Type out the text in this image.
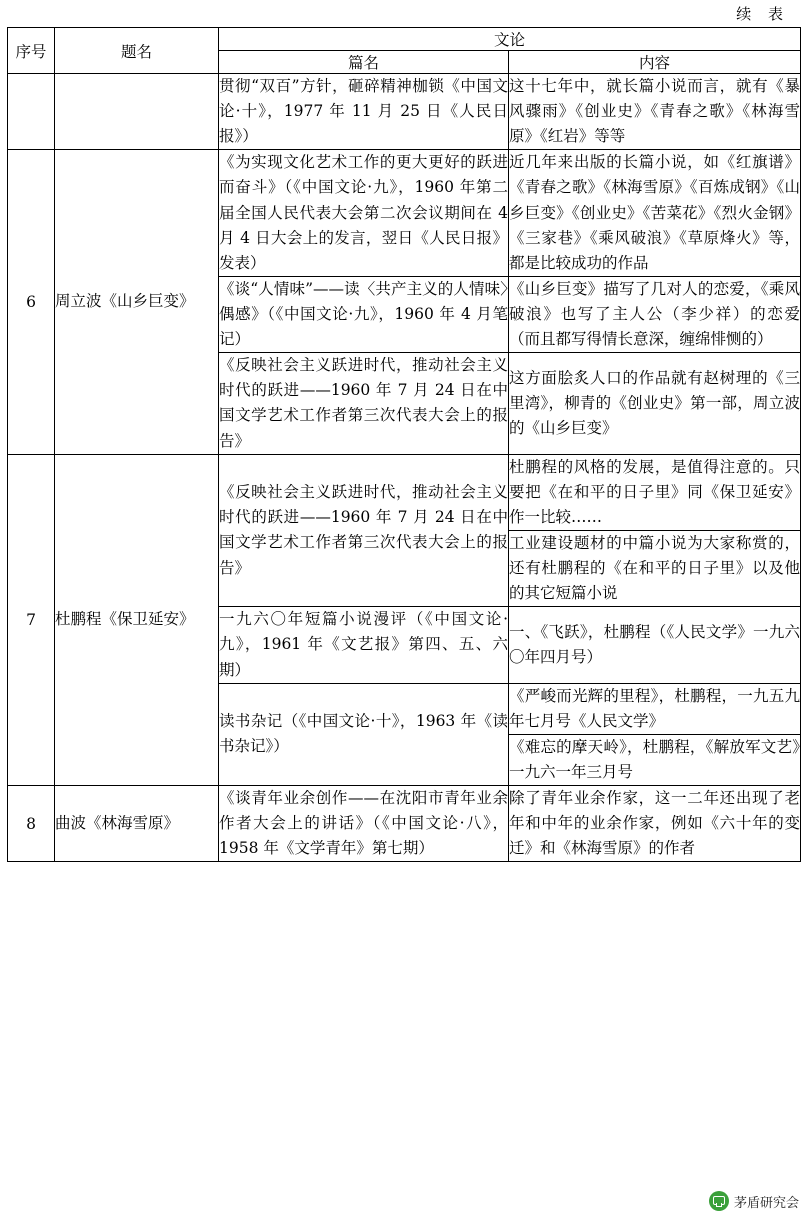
续 表
序号	题名	文论	
		篇名	内容
		贯彻“双百”方针，砸碎精神枷锁《中国文论·十》，1977 年 11 月 25 日《人民日报》）	这十七年中，就长篇小说而言，就有《暴风骤雨》《创业史》《青春之歌》《林海雪原》《红岩》等等
6	周立波《山乡巨变》	《为实现文化艺术工作的更大更好的跃进而奋斗》（《中国文论·九》，1960 年第二届全国人民代表大会第二次会议期间在 4 月 4 日大会上的发言，翌日《人民日报》发表）	近几年来出版的长篇小说，如《红旗谱》《青春之歌》《林海雪原》《百炼成钢》《山乡巨变》《创业史》《苦菜花》《烈火金钢》《三家巷》《乘风破浪》《草原烽火》等，都是比较成功的作品
		《谈“人情味”——读〈共产主义的人情味〉偶感》（《中国文论·九》，1960 年 4 月笔记）	《山乡巨变》描写了几对人的恋爱，《乘风破浪》也写了主人公（李少祥）的恋爱（而且都写得情长意深，缠绵悱恻的）
		《反映社会主义跃进时代，推动社会主义时代的跃进——1960 年 7 月 24 日在中国文学艺术工作者第三次代表大会上的报告》	这方面脍炙人口的作品就有赵树理的《三里湾》，柳青的《创业史》第一部，周立波的《山乡巨变》
7	杜鹏程《保卫延安》	《反映社会主义跃进时代，推动社会主义时代的跃进——1960 年 7 月 24 日在中国文学艺术工作者第三次代表大会上的报告》	杜鹏程的风格的发展，是值得注意的。只要把《在和平的日子里》同《保卫延安》作一比较……
			工业建设题材的中篇小说为大家称赏的，还有杜鹏程的《在和平的日子里》以及他的其它短篇小说
		一九六〇年短篇小说漫评（《中国文论·九》，1961 年《文艺报》第四、五、六期）	一、《飞跃》，杜鹏程（《人民文学》一九六〇年四月号）
		读书杂记（《中国文论·十》，1963 年《读书杂记》）	《严峻而光辉的里程》，杜鹏程，一九五九年七月号《人民文学》
			《难忘的摩天岭》，杜鹏程，《解放军文艺》一九六一年三月号
8	曲波《林海雪原》	《谈青年业余创作——在沈阳市青年业余作者大会上的讲话》（《中国文论·八》，1958 年《文学青年》第七期）	除了青年业余作家，这一二年还出现了老年和中年的业余作家，例如《六十年的变迁》和《林海雪原》的作者
茅盾研究会
